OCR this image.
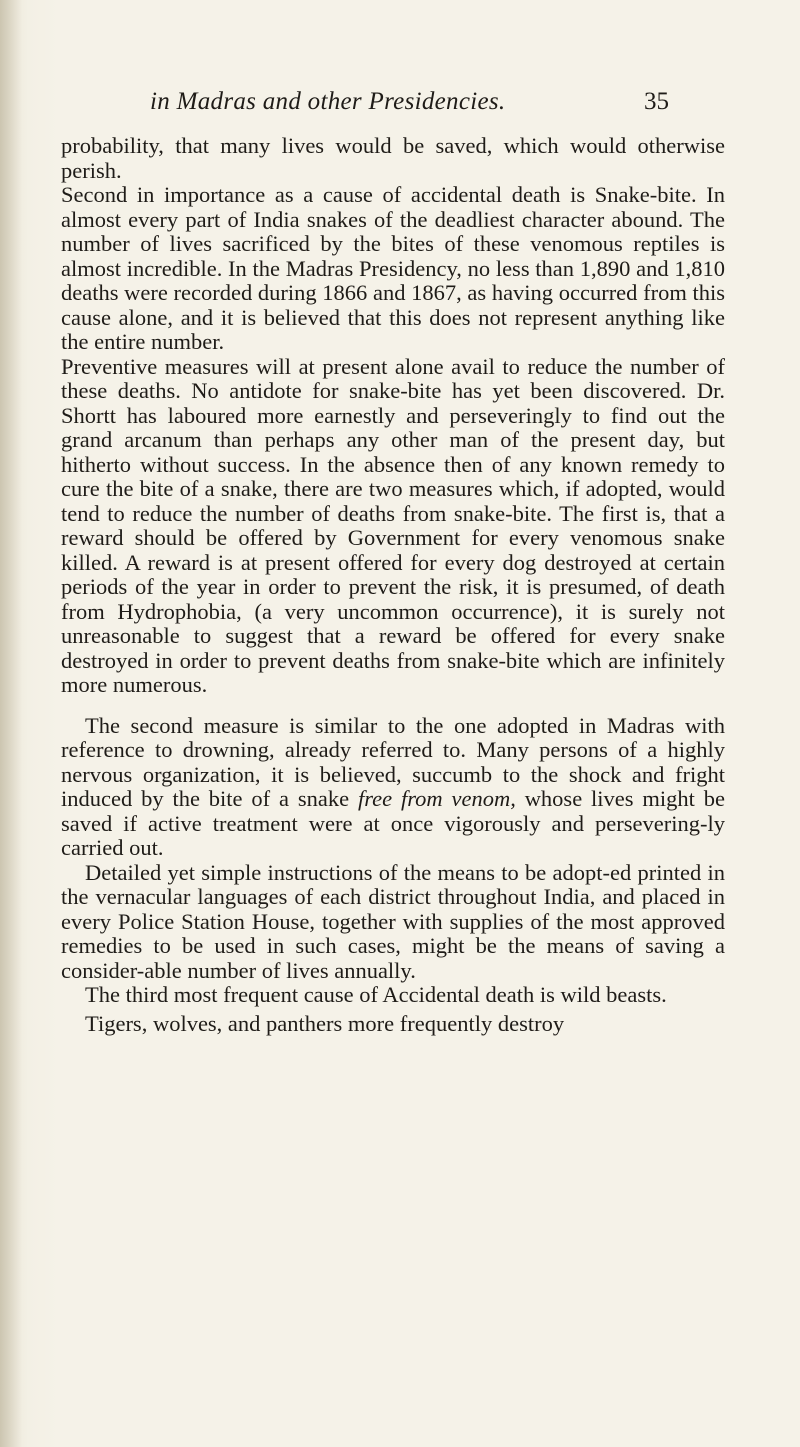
in Madras and other Presidencies.	35

probability, that many lives would be saved, which would otherwise perish.

Second in importance as a cause of accidental death is Snake-bite. In almost every part of India snakes of the deadliest character abound. The number of lives sacrificed by the bites of these venomous reptiles is almost incredible. In the Madras Presidency, no less than 1,890 and 1,810 deaths were recorded during 1866 and 1867, as having occurred from this cause alone, and it is believed that this does not represent anything like the entire number.

Preventive measures will at present alone avail to reduce the number of these deaths. No antidote for snake-bite has yet been discovered. Dr. Shortt has laboured more earnestly and perseveringly to find out the grand arcanum than perhaps any other man of the present day, but hitherto without success. In the absence then of any known remedy to cure the bite of a snake, there are two measures which, if adopted, would tend to reduce the number of deaths from snake-bite. The first is, that a reward should be offered by Government for every venomous snake killed. A reward is at present offered for every dog destroyed at certain periods of the year in order to prevent the risk, it is presumed, of death from Hydrophobia, (a very uncommon occurrence), it is surely not unreasonable to suggest that a reward be offered for every snake destroyed in order to prevent deaths from snake-bite which are infinitely more numerous.

The second measure is similar to the one adopted in Madras with reference to drowning, already referred to. Many persons of a highly nervous organization, it is believed, succumb to the shock and fright induced by the bite of a snake free from venom, whose lives might be saved if active treatment were at once vigorously and persevering-ly carried out.

Detailed yet simple instructions of the means to be adopt-ed printed in the vernacular languages of each district throughout India, and placed in every Police Station House, together with supplies of the most approved remedies to be used in such cases, might be the means of saving a consider-able number of lives annually.

The third most frequent cause of Accidental death is wild beasts.

Tigers, wolves, and panthers more frequently destroy
